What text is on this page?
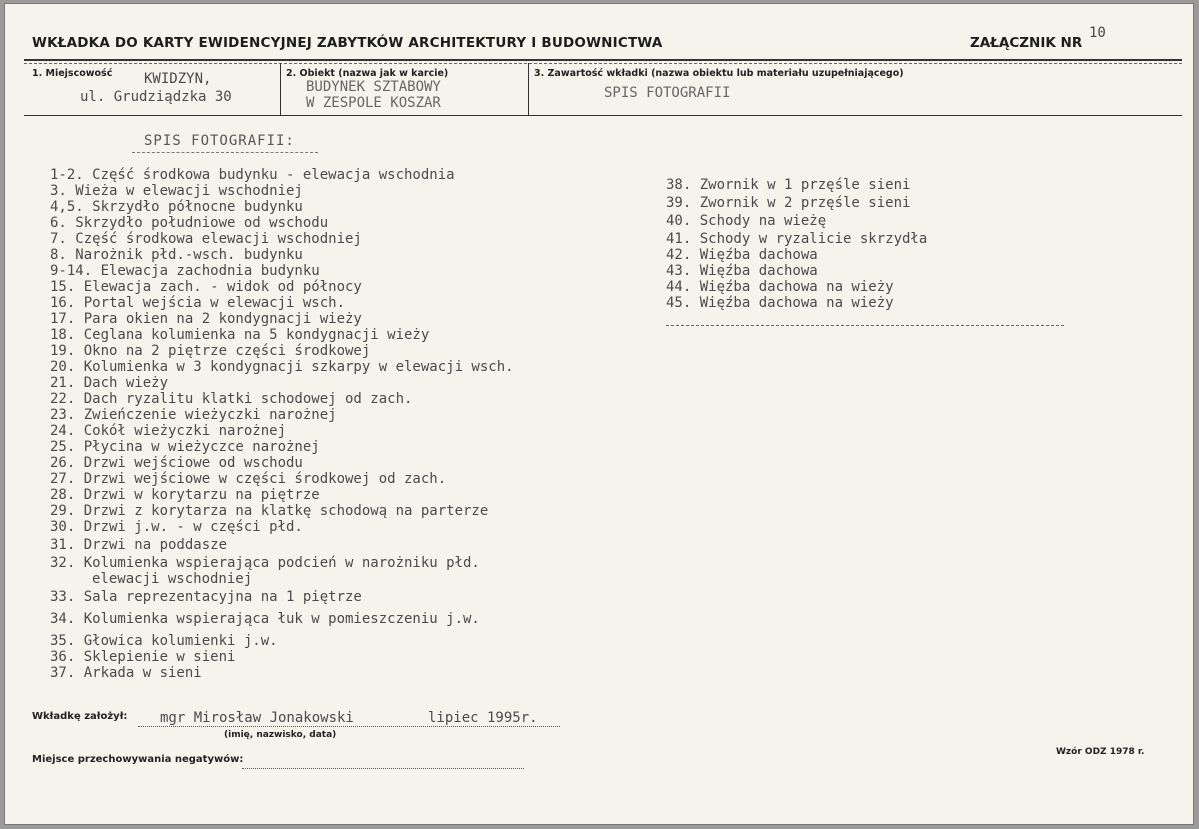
WKŁADKA DO KARTY EWIDENCYJNEJ ZABYTKÓW ARCHITEKTURY I BUDOWNICTWA	ZAŁĄCZNIK NR
10
1. Miejscowość KWIDZYN,
ul. Grudziądzka 30
2. Obiekt (nazwa jak w karcie)
BUDYNEK SZTABOWY
W ZESPOLE KOSZAR
3. Zawartość wkładki (nazwa obiektu lub materiału uzupełniającego)
SPIS FOTOGRAFII
SPIS FOTOGRAFII:
1-2. Część środkowa budynku - elewacja wschodnia
3. Wieża w elewacji wschodniej
4,5. Skrzydło północne budynku
6. Skrzydło południowe od wschodu
7. Część środkowa elewacji wschodniej
8. Narożnik płd.-wsch. budynku
9-14. Elewacja zachodnia budynku
15. Elewacja zach. - widok od północy
16. Portal wejścia w elewacji wsch.
17. Para okien na 2 kondygnacji wieży
18. Ceglana kolumienka na 5 kondygnacji wieży
19. Okno na 2 piętrze części środkowej
20. Kolumienka w 3 kondygnacji szkarpy w elewacji wsch.
21. Dach wieży
22. Dach ryzalitu klatki schodowej od zach.
23. Zwieńczenie wieżyczki narożnej
24. Cokół wieżyczki narożnej
25. Płycina w wieżyczce narożnej
26. Drzwi wejściowe od wschodu
27. Drzwi wejściowe w części środkowej od zach.
28. Drzwi w korytarzu na piętrze
29. Drzwi z korytarza na klatkę schodową na parterze
30. Drzwi j.w. - w części płd.
31. Drzwi na poddasze
32. Kolumienka wspierająca podcień w narożniku płd.
elewacji wschodniej
33. Sala reprezentacyjna na 1 piętrze
34. Kolumienka wspierająca łuk w pomieszczeniu j.w.
35. Głowica kolumienki j.w.
36. Sklepienie w sieni
37. Arkada w sieni
38. Zwornik w 1 przęśle sieni
39. Zwornik w 2 przęśle sieni
40. Schody na wieżę
41. Schody w ryzalicie skrzydła
42. Więźba dachowa
43. Więźba dachowa
44. Więźba dachowa na wieży
45. Więźba dachowa na wieży
Wkładkę założył: mgr Mirosław Jonakowski	lipiec 1995r.
(imię, nazwisko, data)
Miejsce przechowywania negatywów:
Wzór ODZ 1978 r.
